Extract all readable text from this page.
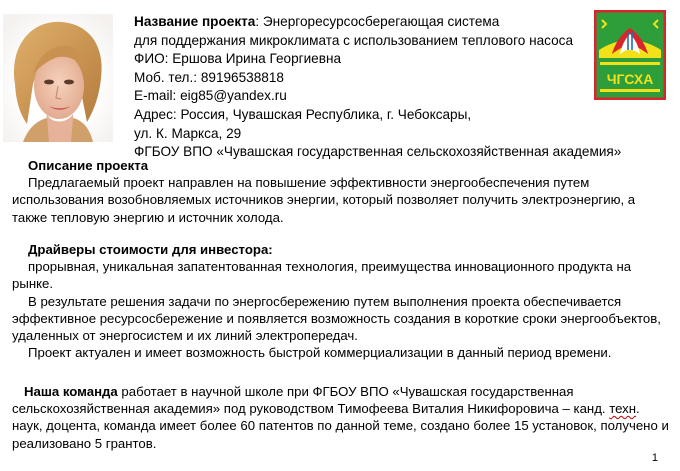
Название проекта: Энергоресурсосберегающая система
для поддержания микроклимата с использованием теплового насоса
ФИО: Ершова Ирина Георгиевна
Моб. тел.: 89196538818
E-mail: eig85@yandex.ru
Адрес: Россия, Чувашская Республика, г. Чебоксары,
ул. К. Маркса, 29
ФГБОУ ВПО «Чувашская государственная сельскохозяйственная академия»
ЧГСХА
Описание проекта
Предлагаемый проект направлен на повышение эффективности энергообеспечения путем использования возобновляемых источников энергии, который позволяет получить электроэнергию, а также тепловую энергию и источник холода.
Драйверы стоимости для инвестора:
прорывная, уникальная запатентованная технология, преимущества инновационного продукта на рынке.
В результате решения задачи по энергосбережению путем выполнения проекта обеспечивается эффективное ресурсосбережение и появляется возможность создания в короткие сроки энергообъектов, удаленных от энергосистем и их линий электропередач.
Проект актуален и имеет возможность быстрой коммерциализации в данный период времени.
Наша команда работает в научной школе при ФГБОУ ВПО «Чувашская государственная сельскохозяйственная академия» под руководством Тимофеева Виталия Никифоровича – канд. техн. наук, доцента, команда имеет более 60 патентов по данной теме, создано более 15 установок, получено и реализовано 5 грантов.
1
